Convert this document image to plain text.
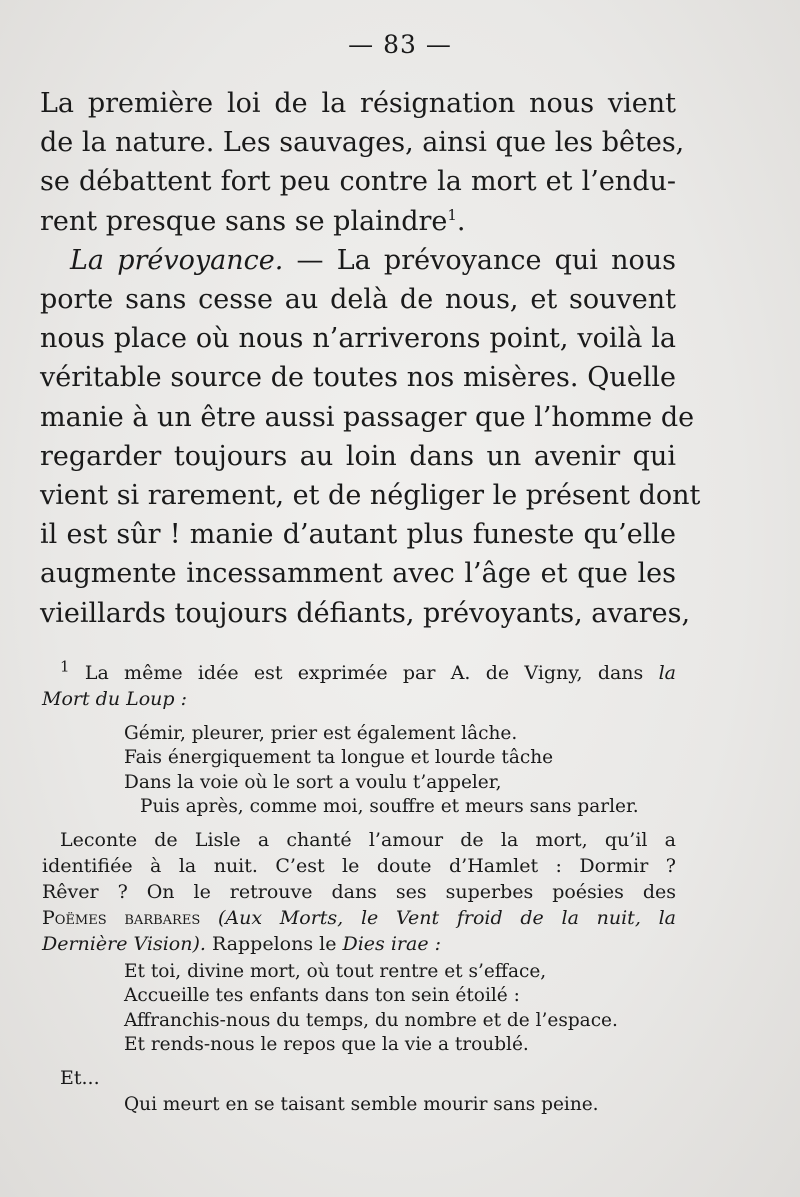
— 83 —
La première loi de la résignation nous vient
de la nature. Les sauvages, ainsi que les bêtes,
se débattent fort peu contre la mort et l’endu-
rent presque sans se plaindre$^1$.
La prévoyance. — La prévoyance qui nous
porte sans cesse au delà de nous, et souvent
nous place où nous n’arriverons point, voilà la
véritable source de toutes nos misères. Quelle
manie à un être aussi passager que l’homme de
regarder toujours au loin dans un avenir qui
vient si rarement, et de négliger le présent dont
il est sûr ! manie d’autant plus funeste qu’elle
augmente incessamment avec l’âge et que les
vieillards toujours défiants, prévoyants, avares,
$^1$ La même idée est exprimée par A. de Vigny, dans la
Mort du Loup :
Gémir, pleurer, prier est également lâche.
Fais énergiquement ta longue et lourde tâche
Dans la voie où le sort a voulu t’appeler,
Puis après, comme moi, souffre et meurs sans parler.
Leconte de Lisle a chanté l’amour de la mort, qu’il a
identifiée à la nuit. C’est le doute d’Hamlet : Dormir ?
Rêver ? On le retrouve dans ses superbes poésies des
Poëmes barbares (Aux Morts, le Vent froid de la nuit, la
Dernière Vision). Rappelons le Dies irae :
Et toi, divine mort, où tout rentre et s’efface,
Accueille tes enfants dans ton sein étoilé :
Affranchis-nous du temps, du nombre et de l’espace.
Et rends-nous le repos que la vie a troublé.
Et...
Qui meurt en se taisant semble mourir sans peine.
